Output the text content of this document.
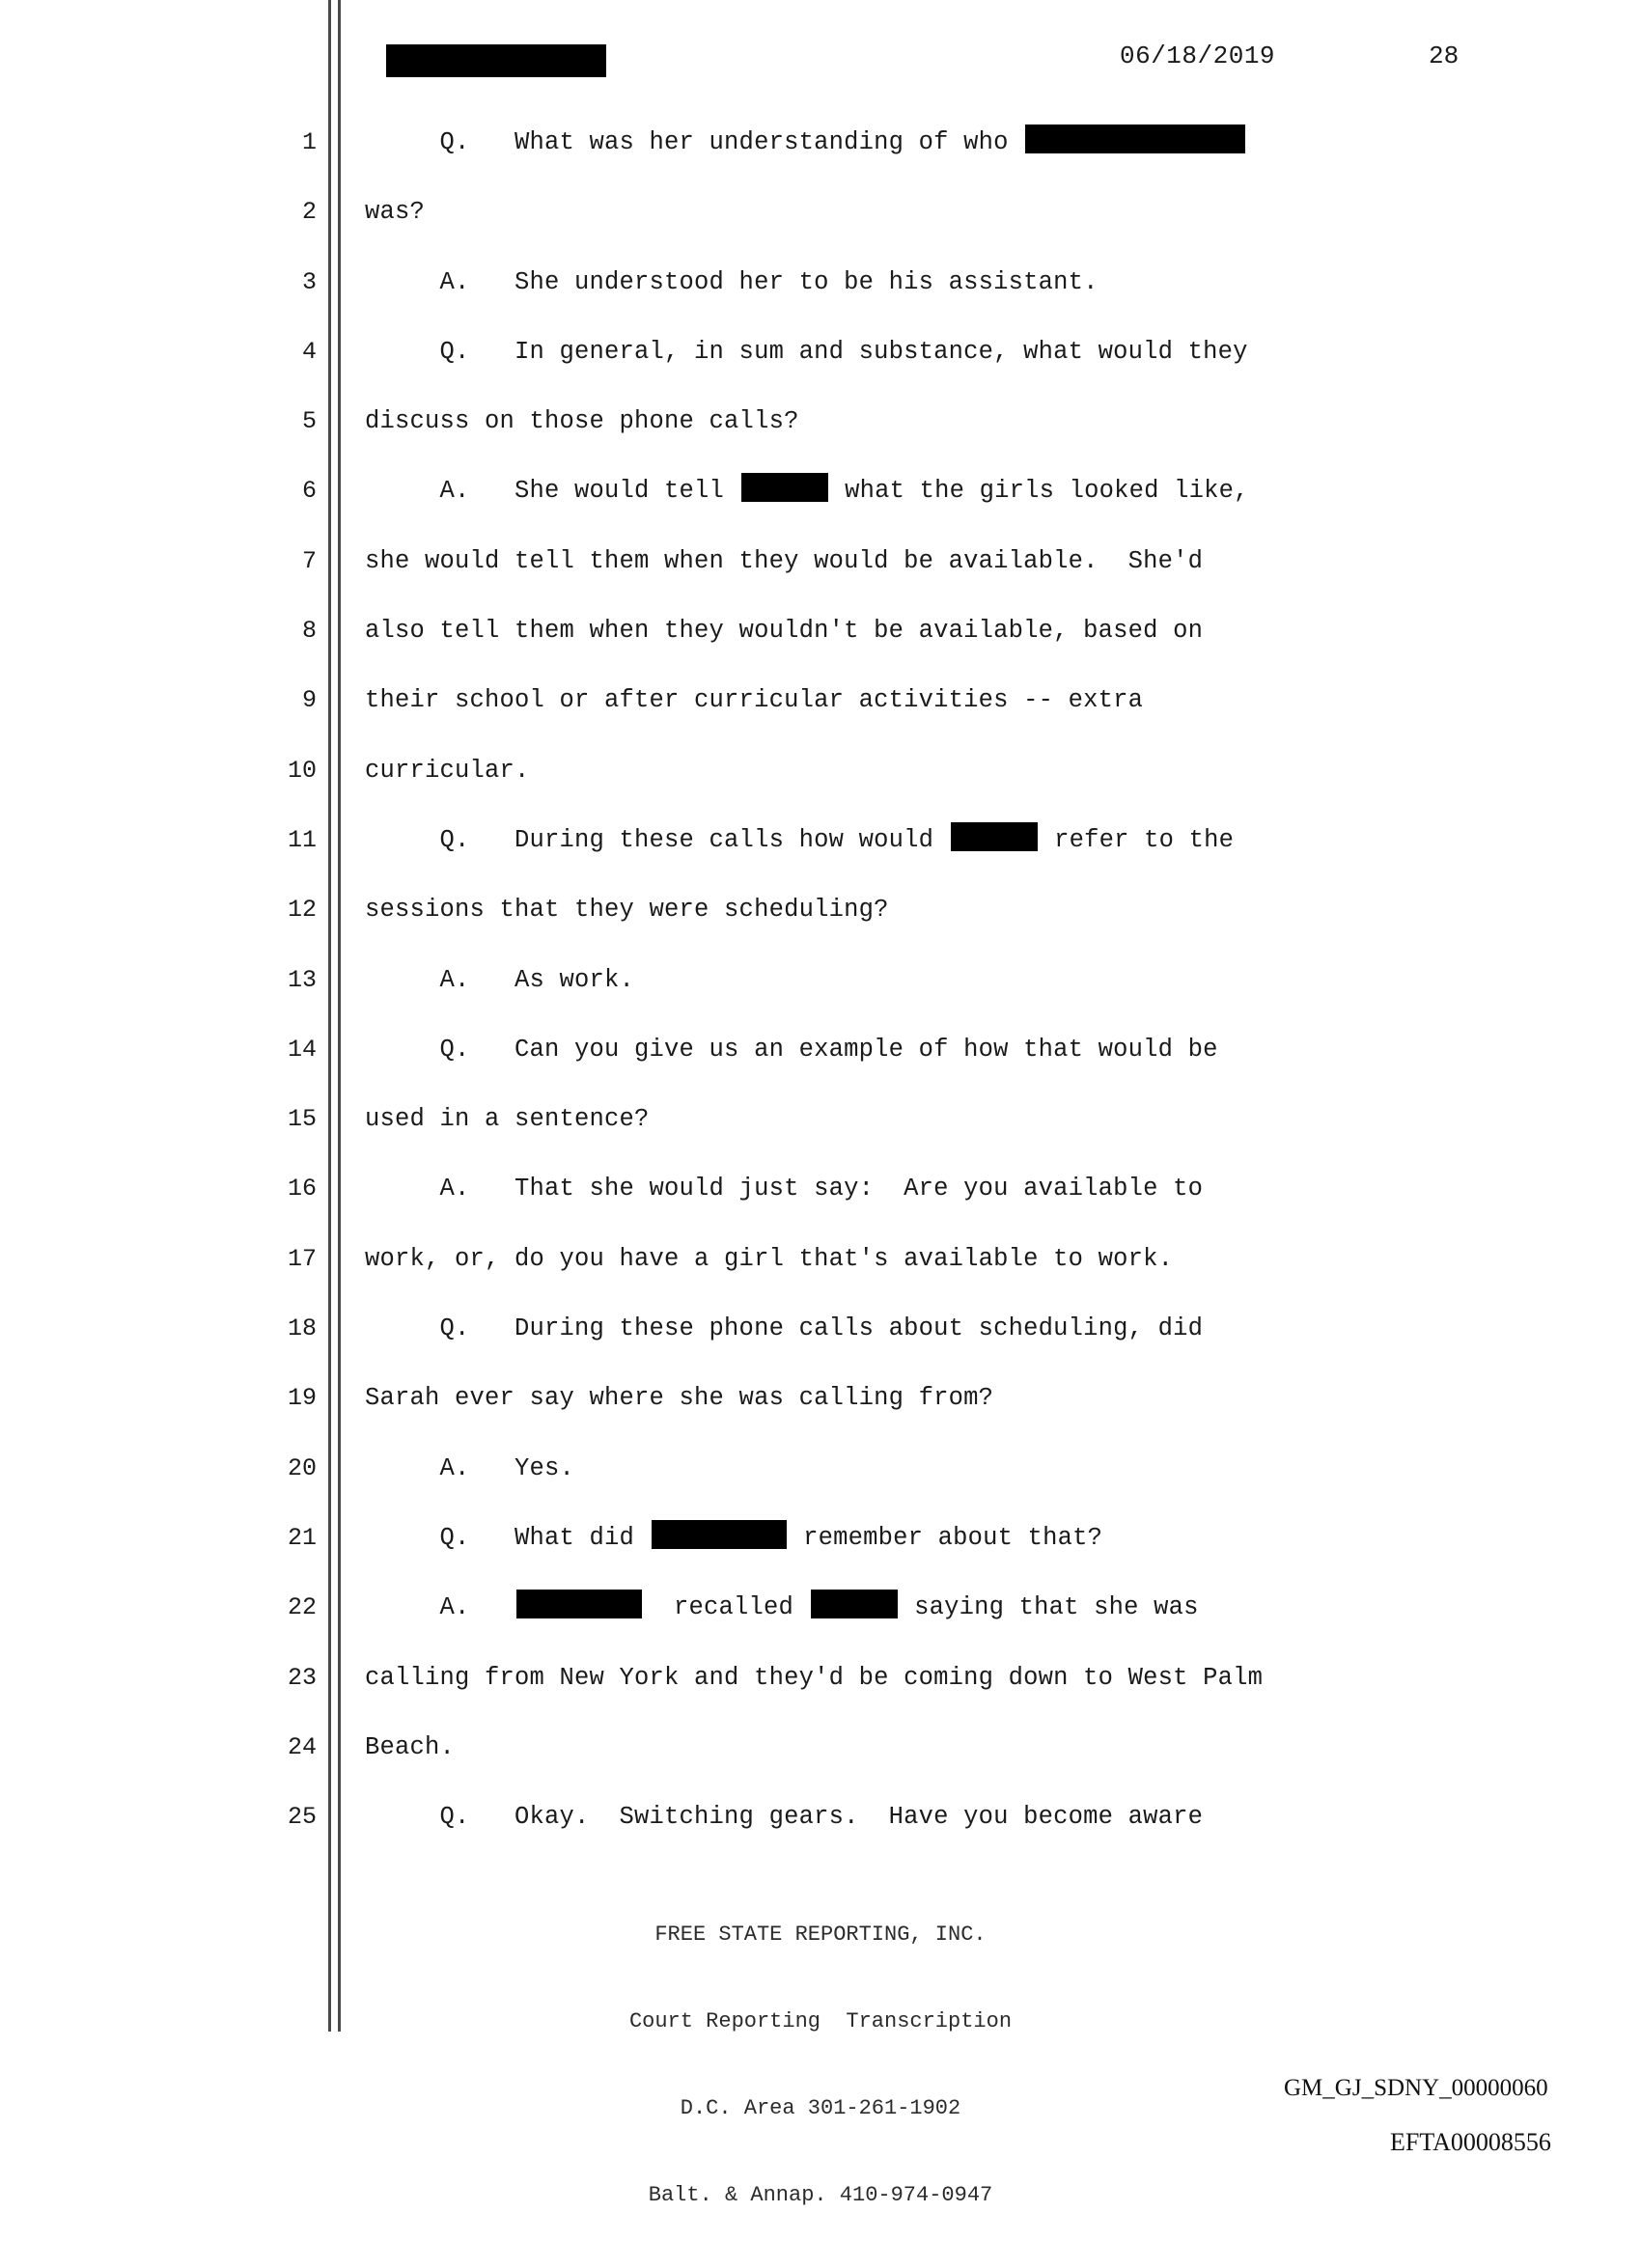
06/18/2019	28
1
2
3
4
5
6
7
8
9
10
11
12
13
14
15
16
17
18
19
20
21
22
23
24
25
Q.   What was her understanding of who
was?
A.   She understood her to be his assistant.
Q.   In general, in sum and substance, what would they
discuss on those phone calls?
A.   She would tell	what the girls looked like,
she would tell them when they would be available.  She'd
also tell them when they wouldn't be available, based on
their school or after curricular activities -- extra
curricular.
Q.   During these calls how would	refer to the
sessions that they were scheduling?
A.   As work.
Q.   Can you give us an example of how that would be
used in a sentence?
A.   That she would just say:  Are you available to
work, or, do you have a girl that's available to work.
Q.   During these phone calls about scheduling, did
Sarah ever say where she was calling from?
A.   Yes.
Q.   What did	remember about that?
A.	recalled	saying that she was
calling from New York and they'd be coming down to West Palm
Beach.
Q.   Okay.  Switching gears.  Have you become aware

FREE STATE REPORTING, INC.

Court Reporting  Transcription

D.C. Area 301-261-1902

Balt. & Annap. 410-974-0947

GM_GJ_SDNY_00000060
EFTA00008556
